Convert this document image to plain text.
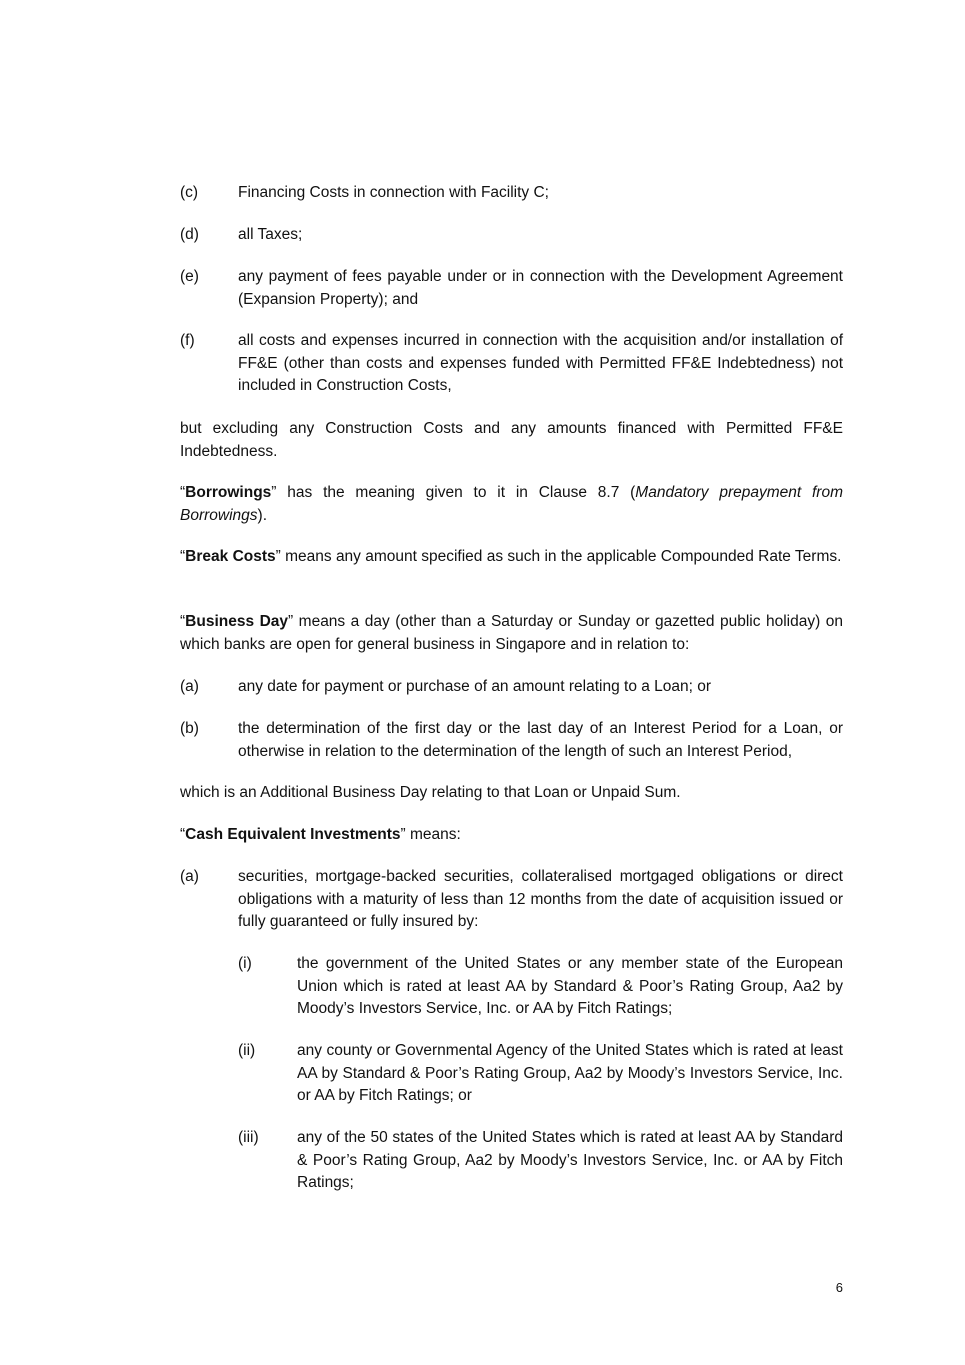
(c)	Financing Costs in connection with Facility C;
(d)	all Taxes;
(e)	any payment of fees payable under or in connection with the Development Agreement (Expansion Property); and
(f)	all costs and expenses incurred in connection with the acquisition and/or installation of FF&E (other than costs and expenses funded with Permitted FF&E Indebtedness) not included in Construction Costs,

but excluding any Construction Costs and any amounts financed with Permitted FF&E Indebtedness.

“Borrowings” has the meaning given to it in Clause 8.7 (Mandatory prepayment from Borrowings).

“Break Costs” means any amount specified as such in the applicable Compounded Rate Terms.

“Business Day” means a day (other than a Saturday or Sunday or gazetted public holiday) on which banks are open for general business in Singapore and in relation to:

(a)	any date for payment or purchase of an amount relating to a Loan; or
(b)	the determination of the first day or the last day of an Interest Period for a Loan, or otherwise in relation to the determination of the length of such an Interest Period,

which is an Additional Business Day relating to that Loan or Unpaid Sum.

“Cash Equivalent Investments” means:

(a)	securities, mortgage-backed securities, collateralised mortgaged obligations or direct obligations with a maturity of less than 12 months from the date of acquisition issued or fully guaranteed or fully insured by:
(i)	the government of the United States or any member state of the European Union which is rated at least AA by Standard & Poor’s Rating Group, Aa2 by Moody’s Investors Service, Inc. or AA by Fitch Ratings;
(ii)	any county or Governmental Agency of the United States which is rated at least AA by Standard & Poor’s Rating Group, Aa2 by Moody’s Investors Service, Inc. or AA by Fitch Ratings; or
(iii) any of the 50 states of the United States which is rated at least AA by Standard & Poor’s Rating Group, Aa2 by Moody’s Investors Service, Inc. or AA by Fitch Ratings;
6
